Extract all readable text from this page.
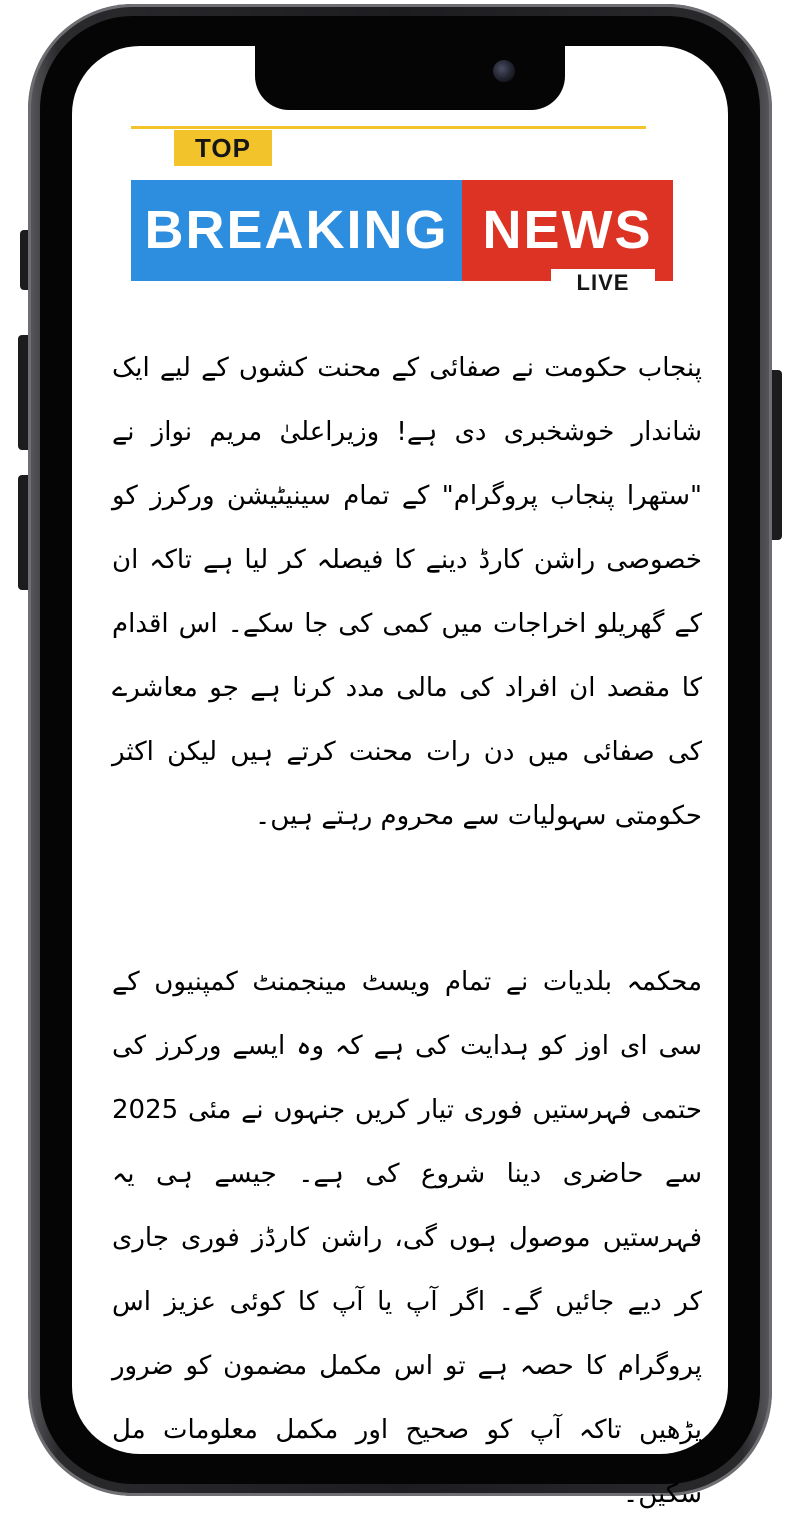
TOP
BREAKING NEWS
LIVE

پنجاب حکومت نے صفائی کے محنت کشوں کے لیے ایک شاندار خوشخبری دی ہے! وزیراعلیٰ مریم نواز نے "ستھرا پنجاب پروگرام" کے تمام سینیٹیشن ورکرز کو خصوصی راشن کارڈ دینے کا فیصلہ کر لیا ہے تاکہ ان کے گھریلو اخراجات میں کمی کی جا سکے۔ اس اقدام کا مقصد ان افراد کی مالی مدد کرنا ہے جو معاشرے کی صفائی میں دن رات محنت کرتے ہیں لیکن اکثر حکومتی سہولیات سے محروم رہتے ہیں۔

محکمہ بلدیات نے تمام ویسٹ مینجمنٹ کمپنیوں کے سی ای اوز کو ہدایت کی ہے کہ وہ ایسے ورکرز کی حتمی فہرستیں فوری تیار کریں جنہوں نے مئی 2025 سے حاضری دینا شروع کی ہے۔ جیسے ہی یہ فہرستیں موصول ہوں گی، راشن کارڈز فوری جاری کر دیے جائیں گے۔ اگر آپ یا آپ کا کوئی عزیز اس پروگرام کا حصہ ہے تو اس مکمل مضمون کو ضرور پڑھیں تاکہ آپ کو صحیح اور مکمل معلومات مل سکیں۔
